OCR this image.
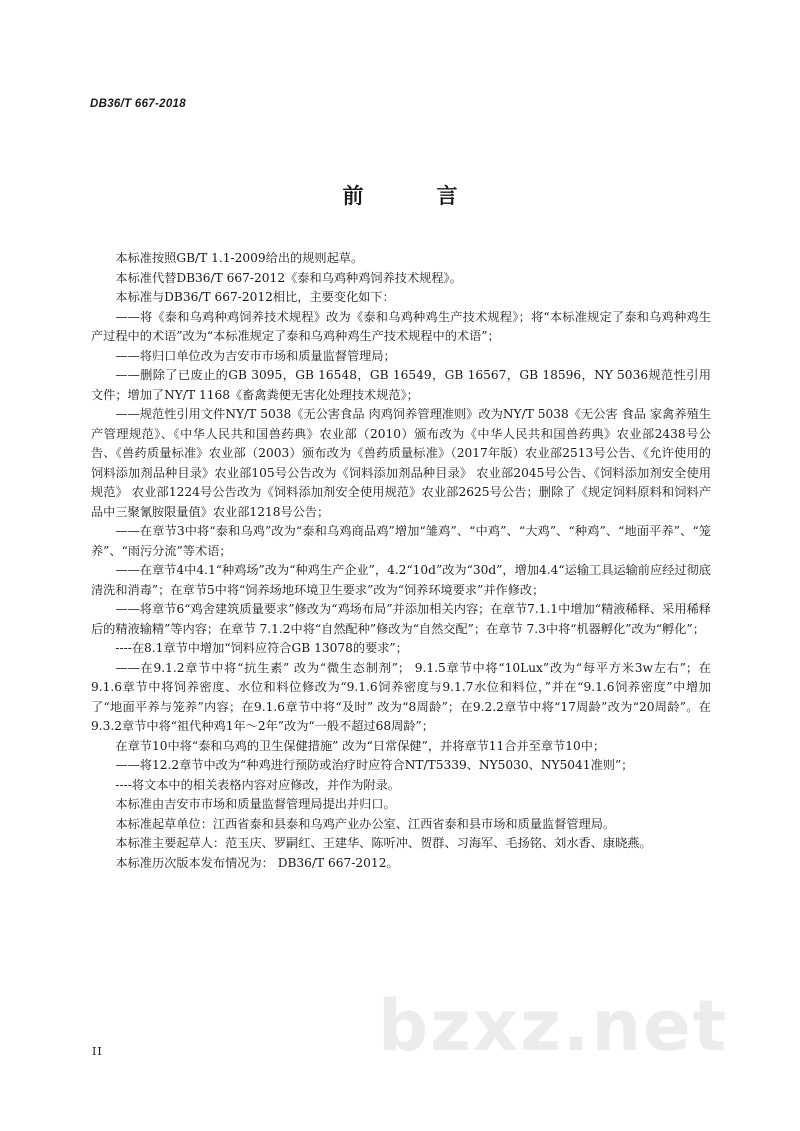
DB36/T 667-2018
前　言

本标准按照GB/T 1.1-2009给出的规则起草。

本标准代替DB36/T 667-2012《泰和乌鸡种鸡饲养技术规程》。

本标准与DB36/T 667-2012相比，主要变化如下：

——将《泰和乌鸡种鸡饲养技术规程》改为《泰和乌鸡种鸡生产技术规程》；将“本标准规定了泰和乌鸡种鸡生产过程中的术语”改为“本标准规定了泰和乌鸡种鸡生产技术规程中的术语”；

——将归口单位改为吉安市市场和质量监督管理局；

——删除了已废止的GB 3095，GB 16548，GB 16549，GB 16567，GB 18596，NY 5036规范性引用文件；增加了NY/T 1168《畜禽粪便无害化处理技术规范》；

——规范性引用文件NY/T 5038《无公害食品 肉鸡饲养管理准则》改为NY/T 5038《无公害 食品 家禽养殖生产管理规范》、《中华人民共和国兽药典》农业部（2010）颁布改为《中华人民共和国兽药典》农业部2438号公告、《兽药质量标准》农业部（2003）颁布改为《兽药质量标准》（2017年版）农业部2513号公告、《允许使用的饲料添加剂品种目录》农业部105号公告改为《饲料添加剂品种目录》 农业部2045号公告、《饲料添加剂安全使用规范》 农业部1224号公告改为《饲料添加剂安全使用规范》农业部2625号公告；删除了《规定饲料原料和饲料产品中三聚氰胺限量值》农业部1218号公告；

——在章节3中将“泰和乌鸡”改为“泰和乌鸡商品鸡”增加“雏鸡”、“中鸡”、“大鸡”、“种鸡”、“地面平养”、“笼养”、“雨污分流”等术语；

——在章节4中4.1“种鸡场”改为“种鸡生产企业”，4.2“10d”改为“30d”，增加4.4“运输工具运输前应经过彻底清洗和消毒”；在章节5中将“饲养场地环境卫生要求”改为“饲养环境要求”并作修改；

——将章节6“鸡舍建筑质量要求”修改为“鸡场布局”并添加相关内容；在章节7.1.1中增加“精液稀释、采用稀释后的精液输精”等内容；在章节 7.1.2中将“自然配种”修改为“自然交配”；在章节 7.3中将“机器孵化”改为“孵化”；

----在8.1章节中增加“饲料应符合GB 13078的要求”；

——在9.1.2章节中将“抗生素” 改为“微生态制剂”； 9.1.5章节中将“10Lux”改为“每平方米3w左右”；在9.1.6章节中将饲养密度、水位和料位修改为“9.1.6饲养密度与9.1.7水位和料位，”并在“9.1.6饲养密度”中增加了“地面平养与笼养”内容；在9.1.6章节中将“及时” 改为“8周龄”；在9.2.2章节中将“17周龄”改为“20周龄”。在9.3.2章节中将“祖代种鸡1年～2年”改为“一般不超过68周龄”；

在章节10中将“泰和乌鸡的卫生保健措施” 改为“日常保健”，并将章节11合并至章节10中；

——将12.2章节中改为“种鸡进行预防或治疗时应符合NT/T5339、NY5030、NY5041准则”；

----将文本中的相关表格内容对应修改，并作为附录。

本标准由吉安市市场和质量监督管理局提出并归口。

本标准起草单位：江西省泰和县泰和乌鸡产业办公室、江西省泰和县市场和质量监督管理局。

本标准主要起草人：范玉庆、罗嗣红、王建华、陈听冲、贺群、习海军、毛扬铭、刘水香、康晓燕。

本标准历次版本发布情况为： DB36/T 667-2012。

bzxz.net
II
